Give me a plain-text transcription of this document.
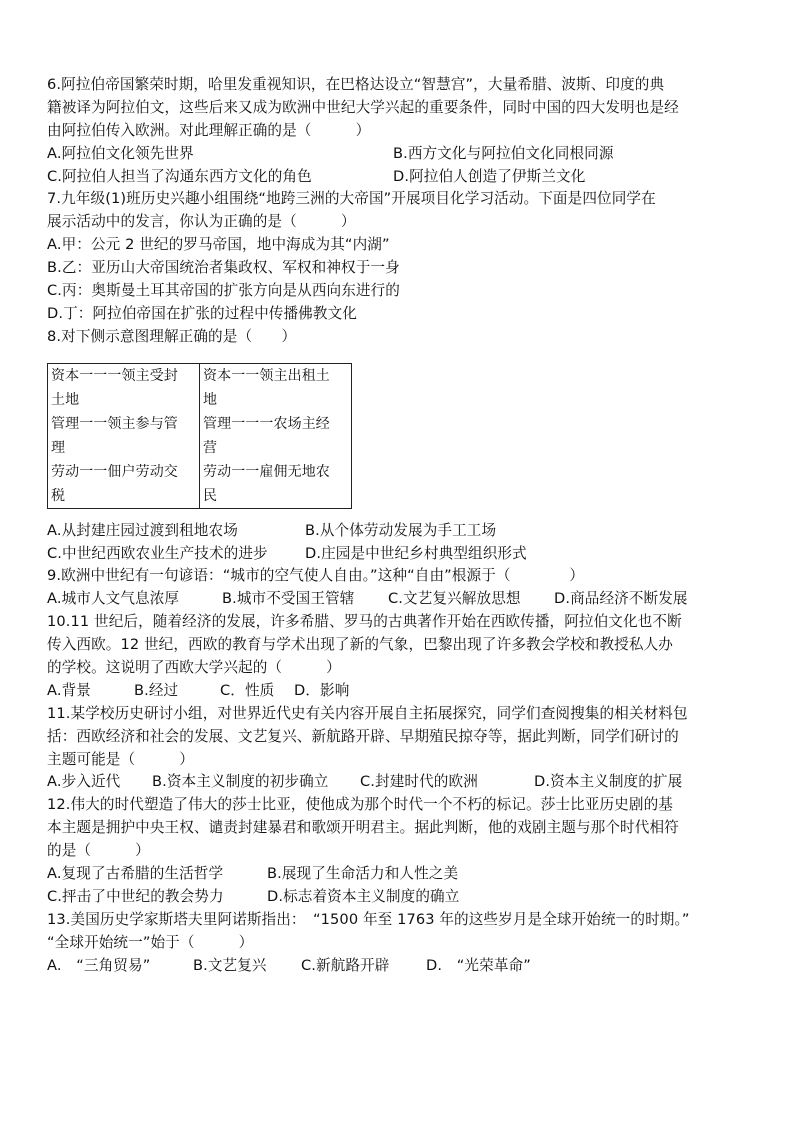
6.阿拉伯帝国繁荣时期，哈里发重视知识，在巴格达设立“智慧宫”，大量希腊、波斯、印度的典
籍被译为阿拉伯文，这些后来又成为欧洲中世纪大学兴起的重要条件，同时中国的四大发明也是经
由阿拉伯传入欧洲。对此理解正确的是（　　　）
A.阿拉伯文化领先世界	B.西方文化与阿拉伯文化同根同源
C.阿拉伯人担当了沟通东西方文化的角色	D.阿拉伯人创造了伊斯兰文化
7.九年级(1)班历史兴趣小组围绕“地跨三洲的大帝国”开展项目化学习活动。下面是四位同学在
展示活动中的发言，你认为正确的是（　　　）
A.甲：公元 2 世纪的罗马帝国，地中海成为其“内湖”
B.乙：亚历山大帝国统治者集政权、军权和神权于一身
C.丙：奥斯曼土耳其帝国的扩张方向是从西向东进行的
D.丁：阿拉伯帝国在扩张的过程中传播佛教文化
8.对下侧示意图理解正确的是（　　）
资本一一一领主受封
土地
管理一一领主参与管
理
劳动一一佃户劳动交
税

资本一一领主出租土
地
管理一一一农场主经
营
劳动一一雇佣无地农
民
A.从封建庄园过渡到租地农场	B.从个体劳动发展为手工工场
C.中世纪西欧农业生产技术的进步	D.庄园是中世纪乡村典型组织形式
9.欧洲中世纪有一句谚语：“城市的空气使人自由。”这种“自由”根源于（　　　　）
A.城市人文气息浓厚	B.城市不受国王管辖	C.文艺复兴解放思想	D.商品经济不断发展
10.11 世纪后，随着经济的发展，许多希腊、罗马的古典著作开始在西欧传播，阿拉伯文化也不断
传入西欧。12 世纪，西欧的教育与学术出现了新的气象，巴黎出现了许多教会学校和教授私人办
的学校。这说明了西欧大学兴起的（　　　）
A.背景	B.经过	C．性质	D．影响
11.某学校历史研讨小组，对世界近代史有关内容开展自主拓展探究，同学们查阅搜集的相关材料包
括：西欧经济和社会的发展、文艺复兴、新航路开辟、早期殖民掠夺等，据此判断，同学们研讨的
主题可能是（　　　）
A.步入近代	B.资本主义制度的初步确立	C.封建时代的欧洲	D.资本主义制度的扩展
12.伟大的时代塑造了伟大的莎士比亚，使他成为那个时代一个不朽的标记。莎士比亚历史剧的基
本主题是拥护中央王权、谴责封建暴君和歌颂开明君主。据此判断，他的戏剧主题与那个时代相符
的是（　　　）
A.复现了古希腊的生活哲学	B.展现了生命活力和人性之美
C.抨击了中世纪的教会势力	D.标志着资本主义制度的确立
13.美国历史学家斯塔夫里阿诺斯指出：　“1500 年至 1763 年的这些岁月是全球开始统一的时期。”
“全球开始统一”始于（　　　）
A.　“三角贸易”	B.文艺复兴	C.新航路开辟	D.　“光荣革命”
